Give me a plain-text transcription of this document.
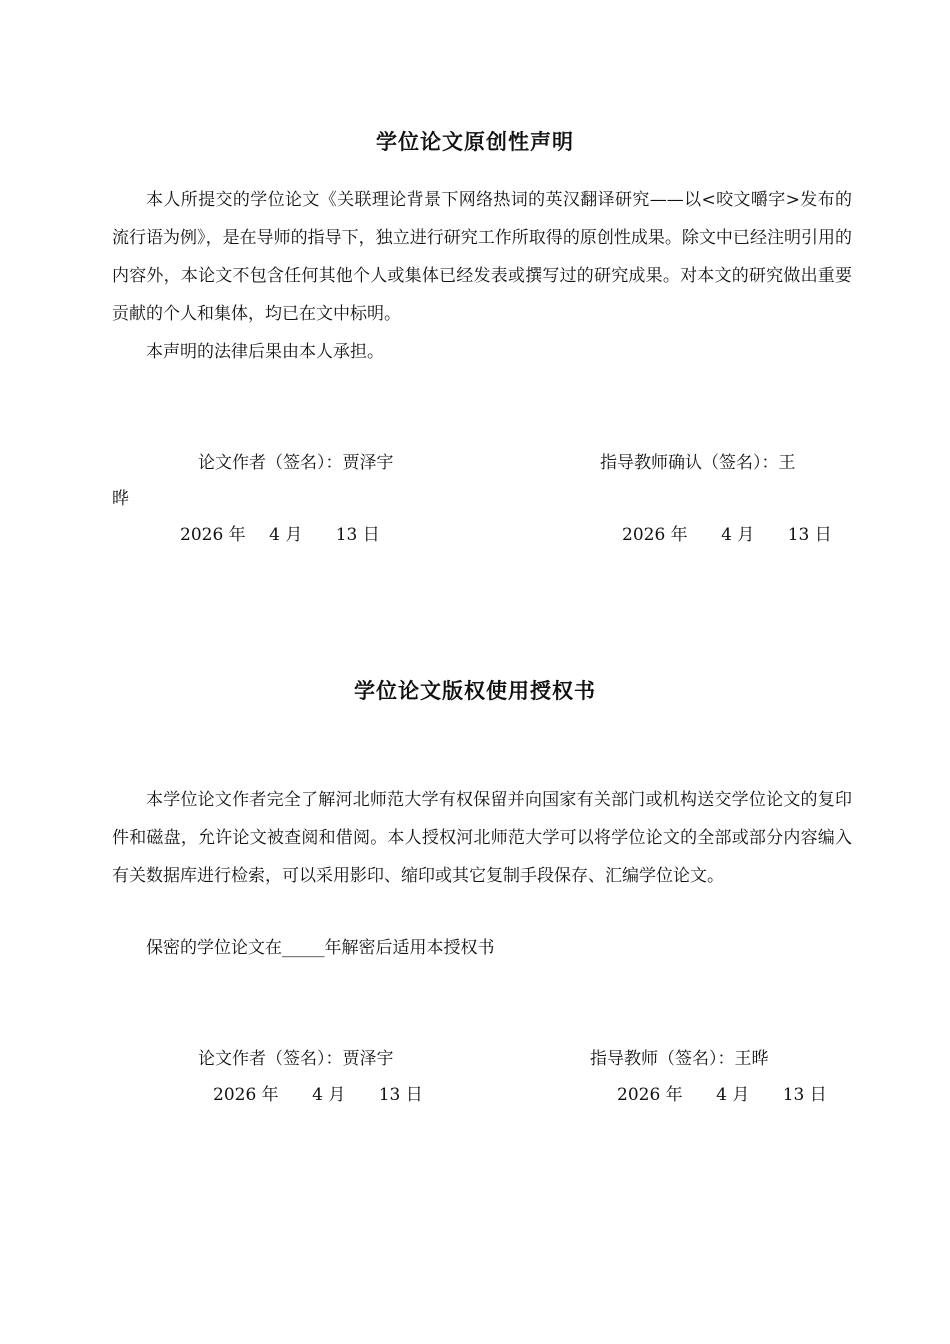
学位论文原创性声明
本人所提交的学位论文《关联理论背景下网络热词的英汉翻译研究——以<咬文嚼字>发布的流行语为例》，是在导师的指导下，独立进行研究工作所取得的原创性成果。除文中已经注明引用的内容外，本论文不包含任何其他个人或集体已经发表或撰写过的研究成果。对本文的研究做出重要贡献的个人和集体，均已在文中标明。
本声明的法律后果由本人承担。
论文作者（签名）：贾泽宇	指导教师确认（签名）：王
晔
2026 年 4 月 13 日	2026 年 4 月 13 日
学位论文版权使用授权书
本学位论文作者完全了解河北师范大学有权保留并向国家有关部门或机构送交学位论文的复印件和磁盘，允许论文被查阅和借阅。本人授权河北师范大学可以将学位论文的全部或部分内容编入有关数据库进行检索，可以采用影印、缩印或其它复制手段保存、汇编学位论文。
保密的学位论文在_____年解密后适用本授权书
论文作者（签名）：贾泽宇	指导教师（签名）：王晔
2026 年 4 月 13 日	2026 年 4 月 13 日
